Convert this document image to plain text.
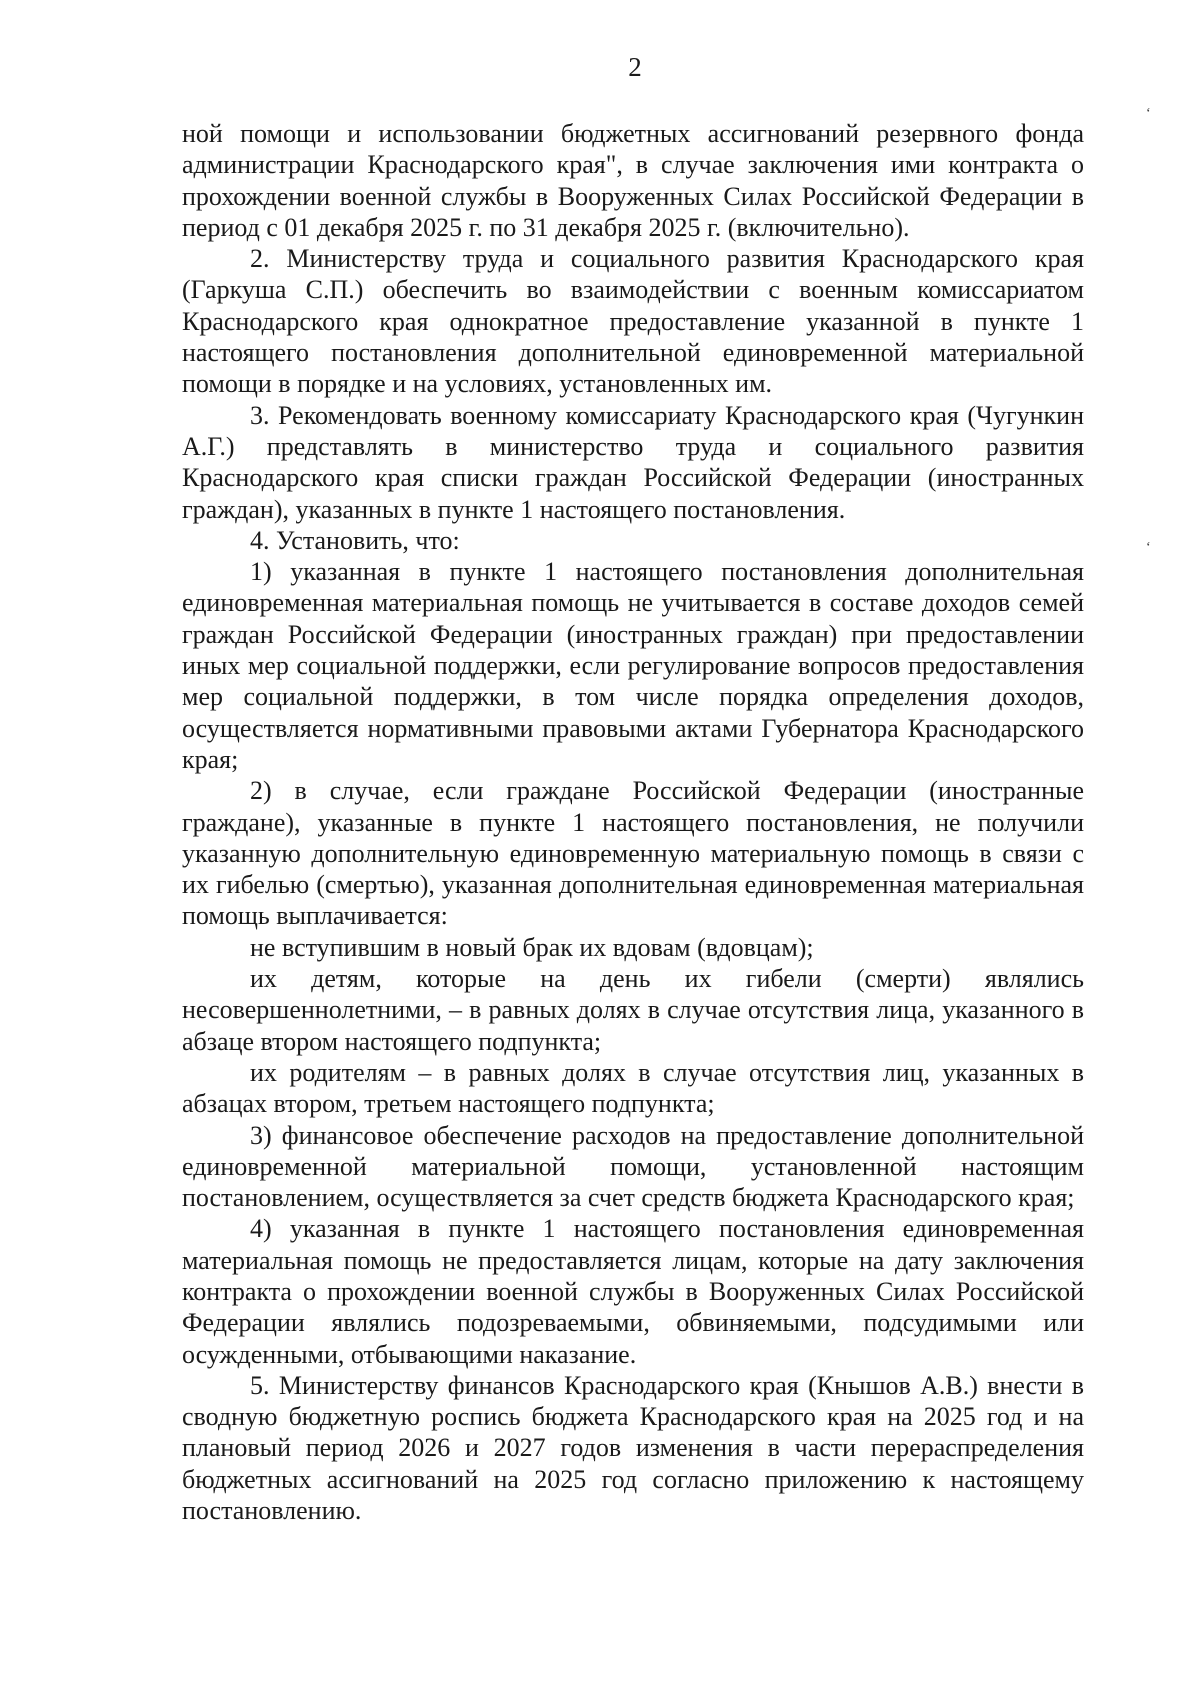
2
ʻ
ʻ

ной помощи и использовании бюджетных ассигнований резервного фонда администрации Краснодарского края", в случае заключения ими контракта о прохождении военной службы в Вооруженных Силах Российской Федерации в период с 01 декабря 2025 г. по 31 декабря 2025 г. (включительно).

2. Министерству труда и социального развития Краснодарского края (Гаркуша С.П.) обеспечить во взаимодействии с военным комиссариатом Краснодарского края однократное предоставление указанной в пункте 1 настоящего постановления дополнительной единовременной материальной помощи в порядке и на условиях, установленных им.

3. Рекомендовать военному комиссариату Краснодарского края (Чугункин А.Г.) представлять в министерство труда и социального развития Краснодарского края списки граждан Российской Федерации (иностранных граждан), указанных в пункте 1 настоящего постановления.

4. Установить, что:

1) указанная в пункте 1 настоящего постановления дополнительная единовременная материальная помощь не учитывается в составе доходов семей граждан Российской Федерации (иностранных граждан) при предоставлении иных мер социальной поддержки, если регулирование вопросов предоставления мер социальной поддержки, в том числе порядка определения доходов, осуществляется нормативными правовыми актами Губернатора Краснодарского края;

2) в случае, если граждане Российской Федерации (иностранные граждане), указанные в пункте 1 настоящего постановления, не получили указанную дополнительную единовременную материальную помощь в связи с их гибелью (смертью), указанная дополнительная единовременная материальная помощь выплачивается:

не вступившим в новый брак их вдовам (вдовцам);

их детям, которые на день их гибели (смерти) являлись несовершеннолетними, – в равных долях в случае отсутствия лица, указанного в абзаце втором настоящего подпункта;

их родителям – в равных долях в случае отсутствия лиц, указанных в абзацах втором, третьем настоящего подпункта;

3) финансовое обеспечение расходов на предоставление дополнительной единовременной материальной помощи, установленной настоящим постановлением, осуществляется за счет средств бюджета Краснодарского края;

4) указанная в пункте 1 настоящего постановления единовременная материальная помощь не предоставляется лицам, которые на дату заключения контракта о прохождении военной службы в Вооруженных Силах Российской Федерации являлись подозреваемыми, обвиняемыми, подсудимыми или осужденными, отбывающими наказание.

5. Министерству финансов Краснодарского края (Кнышов А.В.) внести в сводную бюджетную роспись бюджета Краснодарского края на 2025 год и на плановый период 2026 и 2027 годов изменения в части перераспределения бюджетных ассигнований на 2025 год согласно приложению к настоящему постановлению.
